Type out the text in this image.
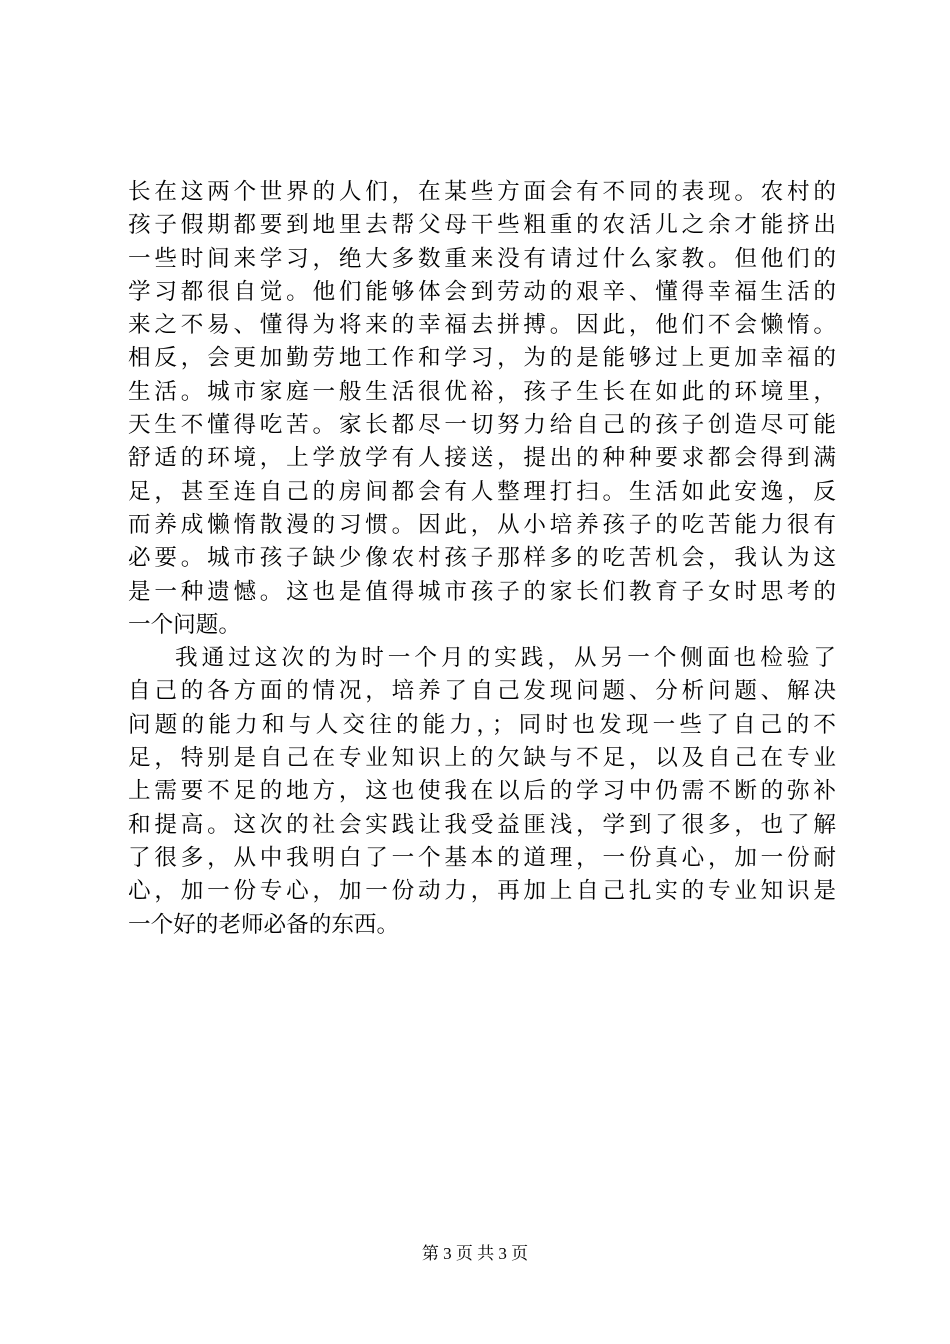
长在这两个世界的人们，在某些方面会有不同的表现。农村的
孩子假期都要到地里去帮父母干些粗重的农活儿之余才能挤出
一些时间来学习，绝大多数重来没有请过什么家教。但他们的
学习都很自觉。他们能够体会到劳动的艰辛、懂得幸福生活的
来之不易、懂得为将来的幸福去拼搏。因此，他们不会懒惰。
相反，会更加勤劳地工作和学习，为的是能够过上更加幸福的
生活。城市家庭一般生活很优裕，孩子生长在如此的环境里，
天生不懂得吃苦。家长都尽一切努力给自己的孩子创造尽可能
舒适的环境，上学放学有人接送，提出的种种要求都会得到满
足，甚至连自己的房间都会有人整理打扫。生活如此安逸，反
而养成懒惰散漫的习惯。因此，从小培养孩子的吃苦能力很有
必要。城市孩子缺少像农村孩子那样多的吃苦机会，我认为这
是一种遗憾。这也是值得城市孩子的家长们教育子女时思考的
一个问题。
我通过这次的为时一个月的实践，从另一个侧面也检验了
自己的各方面的情况，培养了自己发现问题、分析问题、解决
问题的能力和与人交往的能力，；同时也发现一些了自己的不
足，特别是自己在专业知识上的欠缺与不足，以及自己在专业
上需要不足的地方，这也使我在以后的学习中仍需不断的弥补
和提高。这次的社会实践让我受益匪浅，学到了很多，也了解
了很多，从中我明白了一个基本的道理，一份真心，加一份耐
心，加一份专心，加一份动力，再加上自己扎实的专业知识是
一个好的老师必备的东西。
第 3 页 共 3 页
